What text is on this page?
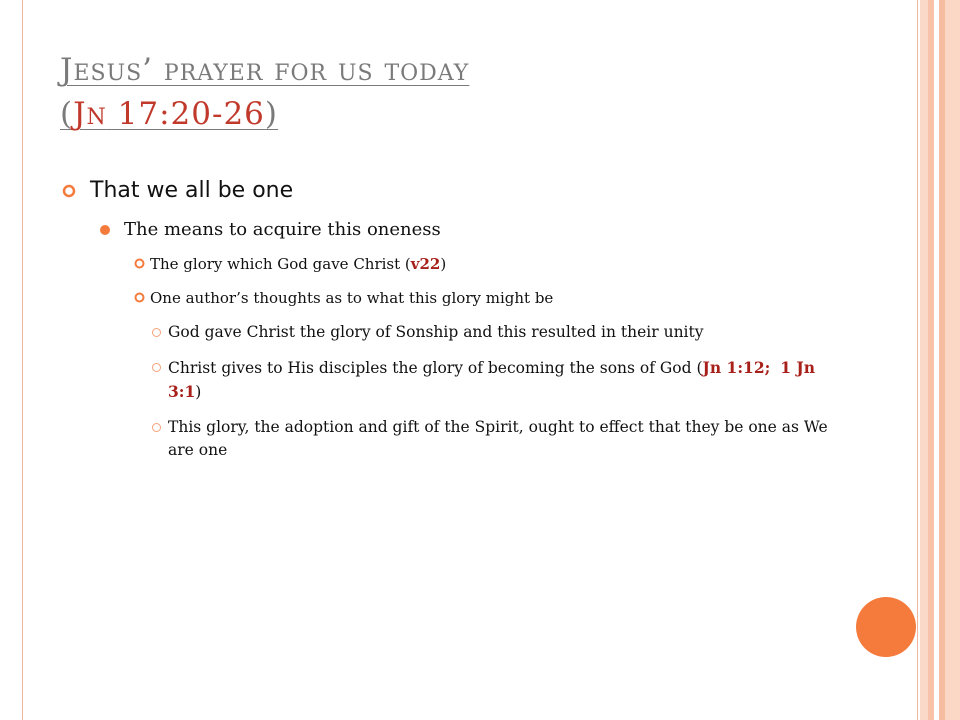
Jesus’ prayer for us today
(Jn 17:20-26)
That we all be one
The means to acquire this oneness
The glory which God gave Christ (v22)
One author’s thoughts as to what this glory might be
God gave Christ the glory of Sonship and this resulted in their unity
Christ gives to His disciples the glory of becoming the sons of God (Jn 1:12; 1 Jn 3:1)
This glory, the adoption and gift of the Spirit, ought to effect that they be one as We are one
